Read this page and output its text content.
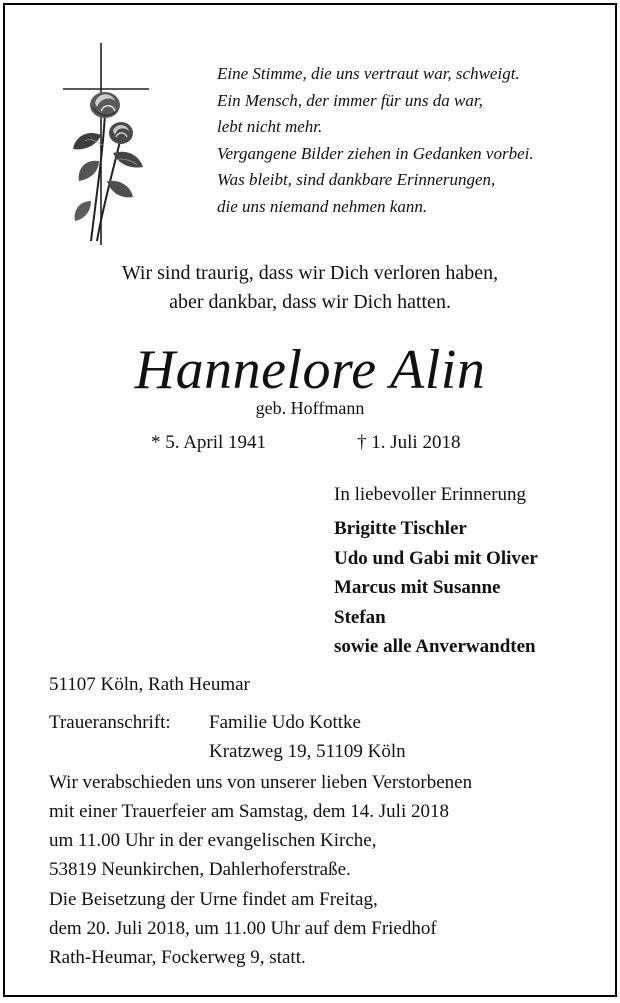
Eine Stimme, die uns vertraut war, schweigt.
Ein Mensch, der immer für uns da war,
lebt nicht mehr.
Vergangene Bilder ziehen in Gedanken vorbei.
Was bleibt, sind dankbare Erinnerungen,
die uns niemand nehmen kann.
Wir sind traurig, dass wir Dich verloren haben,
aber dankbar, dass wir Dich hatten.
Hannelore Alin
geb. Hoffmann
* 5. April 1941	† 1. Juli 2018
In liebevoller Erinnerung
Brigitte Tischler
Udo und Gabi mit Oliver
Marcus mit Susanne
Stefan
sowie alle Anverwandten
51107 Köln, Rath Heumar
Traueranschrift: Familie Udo Kottke
Kratzweg 19, 51109 Köln
Wir verabschieden uns von unserer lieben Verstorbenen
mit einer Trauerfeier am Samstag, dem 14. Juli 2018
um 11.00 Uhr in der evangelischen Kirche,
53819 Neunkirchen, Dahlerhoferstraße.
Die Beisetzung der Urne findet am Freitag,
dem 20. Juli 2018, um 11.00 Uhr auf dem Friedhof
Rath-Heumar, Fockerweg 9, statt.
